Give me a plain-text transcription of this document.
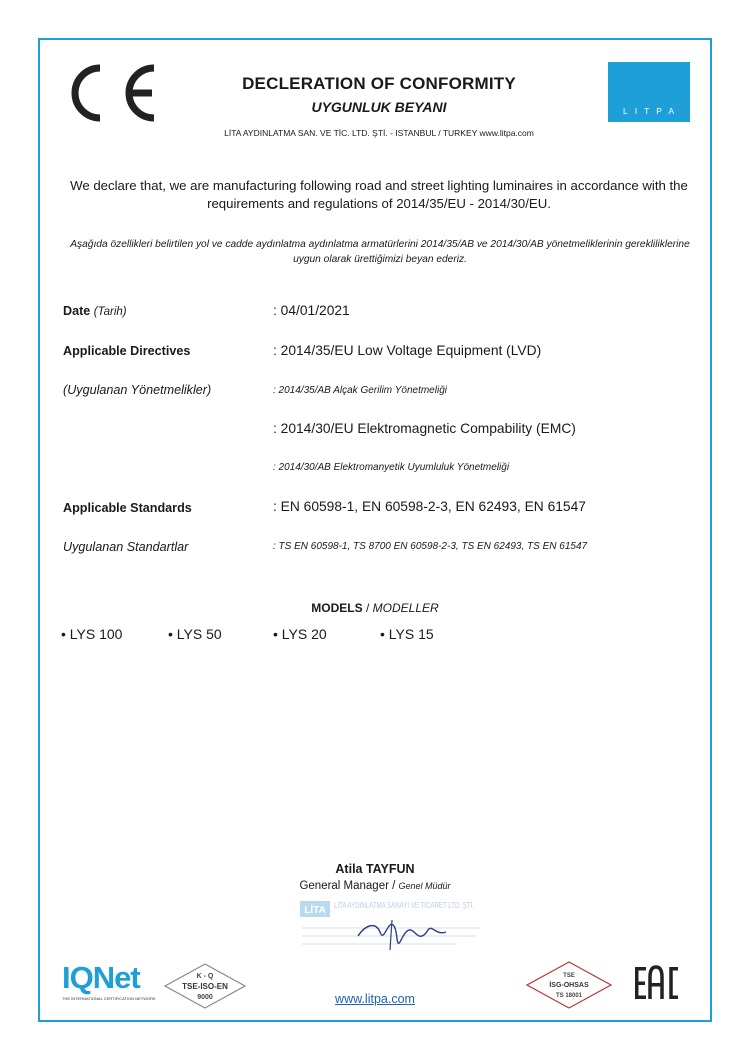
DECLERATION OF CONFORMITY
UYGUNLUK BEYANI
LİTA AYDINLATMA SAN. VE TİC. LTD. ŞTİ. - ISTANBUL / TURKEY www.litpa.com
LITPA
We declare that, we are manufacturing following road and street lighting luminaires in accordance with the requirements and regulations of 2014/35/EU - 2014/30/EU.
Aşağıda özellikleri belirtilen yol ve cadde aydınlatma aydınlatma armatürlerini 2014/35/AB ve 2014/30/AB yönetmeliklerinin gerekliliklerine uygun olarak ürettiğimizi beyan ederiz.
Date (Tarih)	: 04/01/2021
Applicable Directives	: 2014/35/EU Low Voltage Equipment (LVD)
(Uygulanan Yönetmelikler)	: 2014/35/AB Alçak Gerilim Yönetmeliği
: 2014/30/EU Elektromagnetic Compability (EMC)
: 2014/30/AB Elektromanyetik Uyumluluk Yönetmeliği
Applicable Standards	: EN 60598-1, EN 60598-2-3, EN 62493, EN 61547
Uygulanan Standartlar	: TS EN 60598-1, TS 8700 EN 60598-2-3, TS EN 62493, TS EN 61547
MODELS / MODELLER
• LYS 100	• LYS 50	• LYS 20	• LYS 15
Atila TAYFUN
General Manager / Genel Müdür
LİTA LİTA AYDINLATMA SANAYİ VE TİCARET LTD. ŞTİ.
IQNet
THE INTERNATIONAL CERTIFICATION NETWORK
K - Q
TSE-ISO-EN
9000	www.litpa.com
TSE
İSG-OHSAS
TS 18001
